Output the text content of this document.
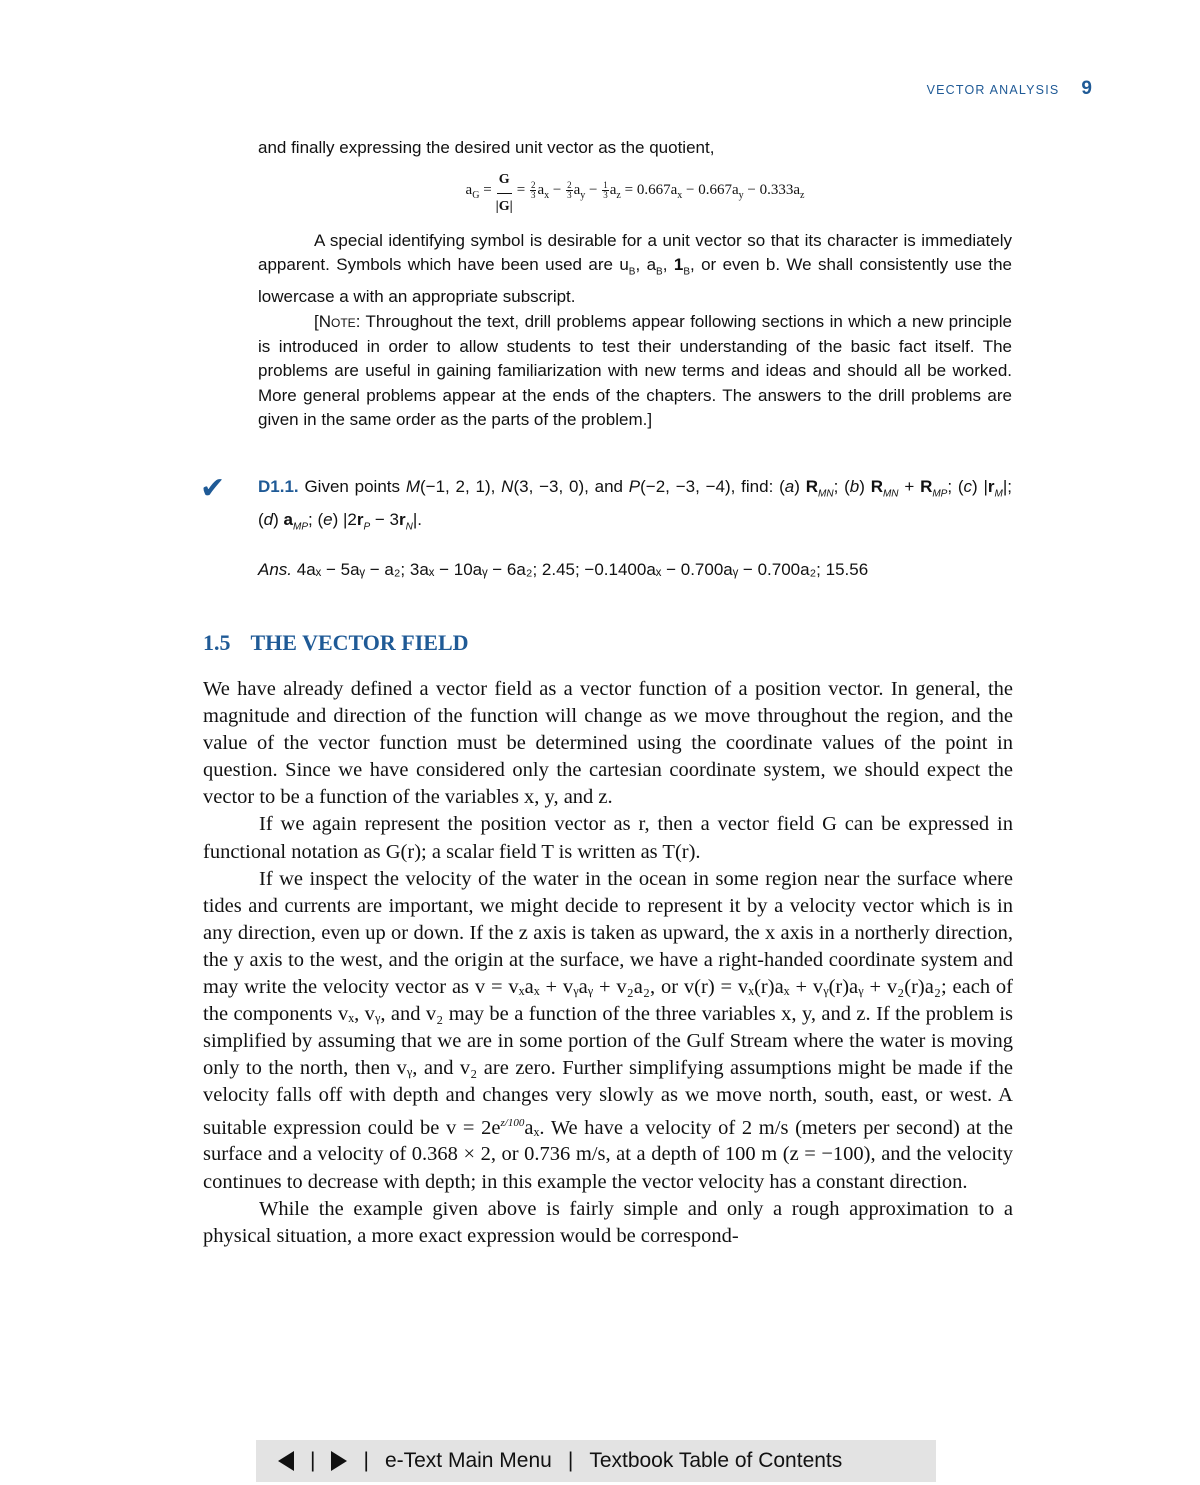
VECTOR ANALYSIS 9

and finally expressing the desired unit vector as the quotient,

$a_G = \frac{G}{|G|} = \frac{2}{3} a_x - \frac{2}{3} a_y - \frac{1}{3} a_z = 0.667a_x - 0.667a_y - 0.333a_z$

A special identifying symbol is desirable for a unit vector so that its character is immediately apparent. Symbols which have been used are $u_B$, $a_B$, $1_B$, or even b. We shall consistently use the lowercase a with an appropriate subscript.

[Note: Throughout the text, drill problems appear following sections in which a new principle is introduced in order to allow students to test their understanding of the basic fact itself. The problems are useful in gaining familiarization with new terms and ideas and should all be worked. More general problems appear at the ends of the chapters. The answers to the drill problems are given in the same order as the parts of the problem.]

✔ D1.1. Given points M(−1, 2, 1), N(3, −3, 0), and P(−2, −3, −4), find: (a) $R_{MN}$; (b) $R_{MN} + R_{MP}$; (c) $|r_M|$; (d) $a_{MP}$; (e) $|2r_P - 3r_N|$.

Ans. 4aₓ − 5aᵧ − a₂; 3aₓ − 10aᵧ − 6a₂; 2.45; −0.1400aₓ − 0.700aᵧ − 0.700a₂; 15.56

1.5 THE VECTOR FIELD

We have already defined a vector field as a vector function of a position vector. In general, the magnitude and direction of the function will change as we move throughout the region, and the value of the vector function must be determined using the coordinate values of the point in question. Since we have considered only the cartesian coordinate system, we should expect the vector to be a function of the variables x, y, and z.

If we again represent the position vector as r, then a vector field G can be expressed in functional notation as G(r); a scalar field T is written as T(r).

If we inspect the velocity of the water in the ocean in some region near the surface where tides and currents are important, we might decide to represent it by a velocity vector which is in any direction, even up or down. If the z axis is taken as upward, the x axis in a northerly direction, the y axis to the west, and the origin at the surface, we have a right-handed coordinate system and may write the velocity vector as v = vₓaₓ + vᵧaᵧ + v₂a₂, or v(r) = vₓ(r)aₓ + vᵧ(r)aᵧ + v₂(r)a₂; each of the components vₓ, vᵧ, and v₂ may be a function of the three variables x, y, and z. If the problem is simplified by assuming that we are in some portion of the Gulf Stream where the water is moving only to the north, then vᵧ, and v₂ are zero. Further simplifying assumptions might be made if the velocity falls off with depth and changes very slowly as we move north, south, east, or west. A suitable expression could be $v = 2e^{z/100}a_x$. We have a velocity of 2 m/s (meters per second) at the surface and a velocity of 0.368 × 2, or 0.736 m/s, at a depth of 100 m (z = −100), and the velocity continues to decrease with depth; in this example the vector velocity has a constant direction.

While the example given above is fairly simple and only a rough approximation to a physical situation, a more exact expression would be correspond-

| | e-Text Main Menu | Textbook Table of Contents
